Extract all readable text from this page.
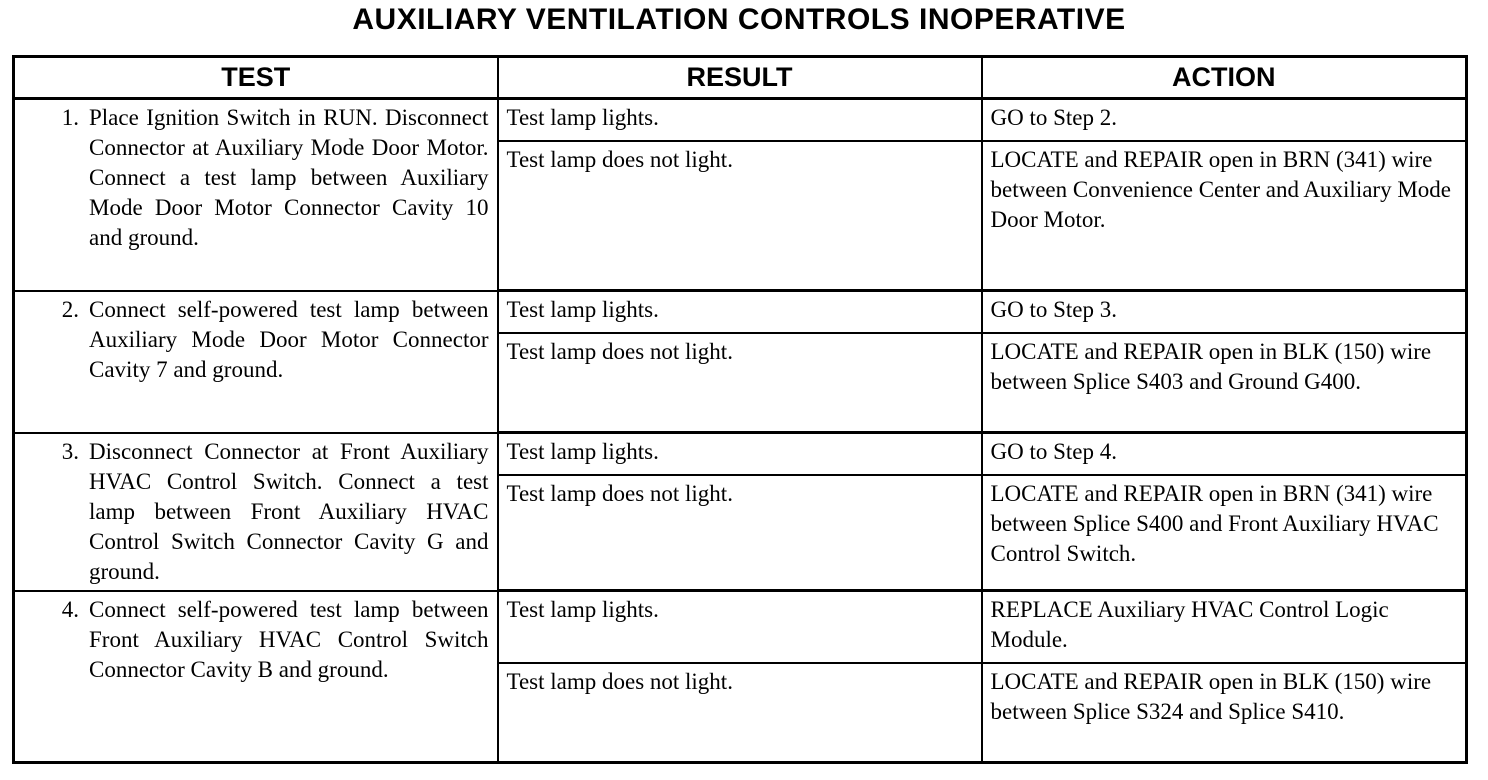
AUXILIARY VENTILATION CONTROLS INOPERATIVE
TEST	RESULT	ACTION

1. Place Ignition Switch in RUN. Disconnect Connector at Auxiliary Mode Door Motor. Connect a test lamp between Auxiliary Mode Door Motor Connector Cavity 10 and ground.	Test lamp lights.	GO to Step 2.
	Test lamp does not light.	LOCATE and REPAIR open in BRN (341) wire between Convenience Center and Auxiliary Mode Door Motor.

2. Connect self-powered test lamp between Auxiliary Mode Door Motor Connector Cavity 7 and ground.	Test lamp lights.	GO to Step 3.
	Test lamp does not light.	LOCATE and REPAIR open in BLK (150) wire between Splice S403 and Ground G400.

3. Disconnect Connector at Front Auxiliary HVAC Control Switch. Connect a test lamp between Front Auxiliary HVAC Control Switch Connector Cavity G and ground.	Test lamp lights.	GO to Step 4.
	Test lamp does not light.	LOCATE and REPAIR open in BRN (341) wire between Splice S400 and Front Auxiliary HVAC Control Switch.

4. Connect self-powered test lamp between Front Auxiliary HVAC Control Switch Connector Cavity B and ground.	Test lamp lights.	REPLACE Auxiliary HVAC Control Logic Module.
	Test lamp does not light.	LOCATE and REPAIR open in BLK (150) wire between Splice S324 and Splice S410.
